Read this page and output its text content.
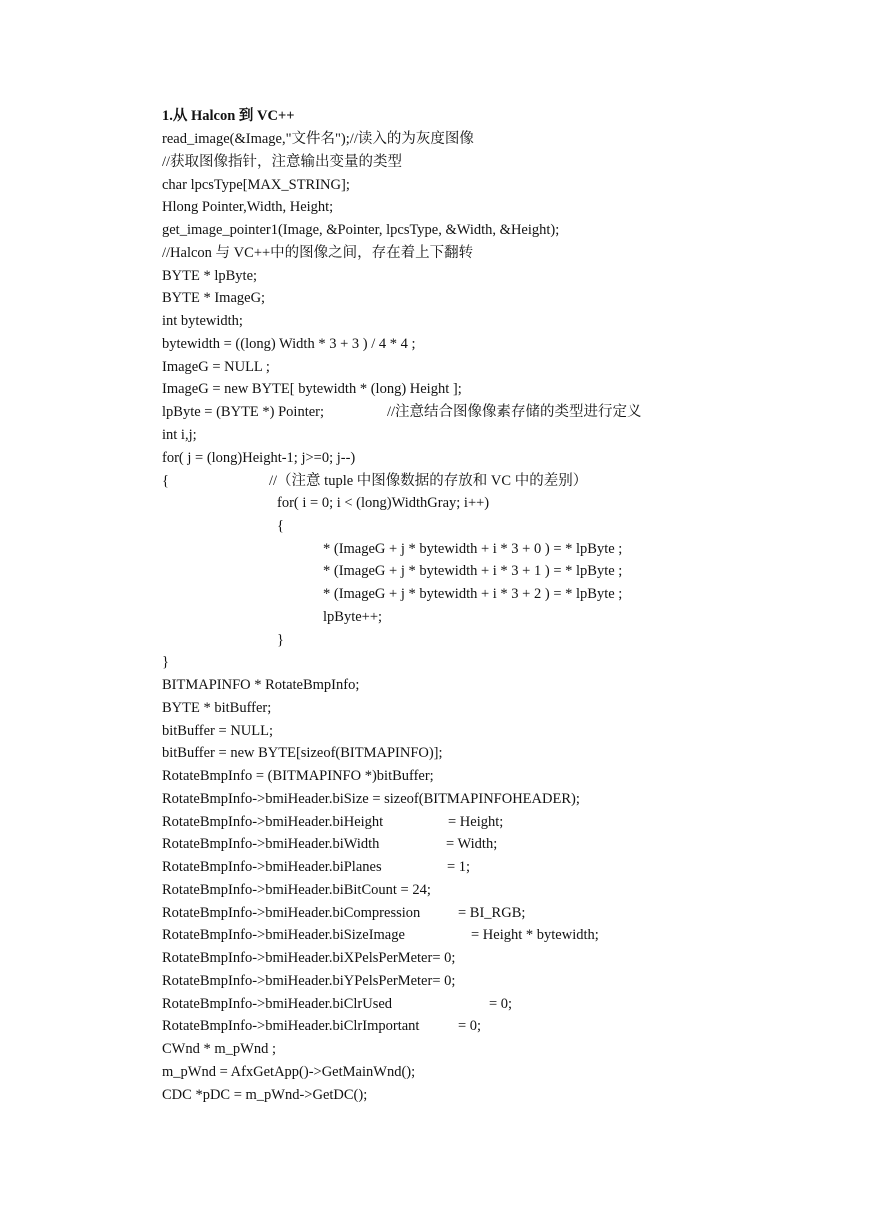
1.从 Halcon 到 VC++
read_image(&Image,"文件名");//读入的为灰度图像
//获取图像指针，注意输出变量的类型
char lpcsType[MAX_STRING];
Hlong Pointer,Width, Height;
get_image_pointer1(Image, &Pointer, lpcsType, &Width, &Height);
//Halcon 与 VC++中的图像之间，存在着上下翻转
BYTE * lpByte;
BYTE * ImageG;
int bytewidth;
bytewidth = ((long) Width * 3 + 3 ) / 4 * 4 ;
ImageG = NULL ;
ImageG = new BYTE[ bytewidth * (long) Height ];

lpByte = (BYTE *) Pointer;

	//注意结合图像像素存储的类型进行定义

int i,j;
for( j = (long)Height-1; j>=0; j--)

{

	//（注意 tuple 中图像数据的存放和 VC 中的差别）

for( i = 0; i < (long)WidthGray; i++)
{
* (ImageG + j * bytewidth + i * 3 + 0 ) = * lpByte ;
* (ImageG + j * bytewidth + i * 3 + 1 ) = * lpByte ;
* (ImageG + j * bytewidth + i * 3 + 2 ) = * lpByte ;
lpByte++;
}
}
BITMAPINFO * RotateBmpInfo;
BYTE * bitBuffer;
bitBuffer = NULL;
bitBuffer = new BYTE[sizeof(BITMAPINFO)];
RotateBmpInfo = (BITMAPINFO *)bitBuffer;
RotateBmpInfo->bmiHeader.biSize = sizeof(BITMAPINFOHEADER);

RotateBmpInfo->bmiHeader.biHeight

	= Height;

RotateBmpInfo->bmiHeader.biWidth

	= Width;

RotateBmpInfo->bmiHeader.biPlanes

	= 1;

RotateBmpInfo->bmiHeader.biBitCount = 24;

RotateBmpInfo->bmiHeader.biCompression

	= BI_RGB;

RotateBmpInfo->bmiHeader.biSizeImage

	= Height * bytewidth;

RotateBmpInfo->bmiHeader.biXPelsPerMeter= 0;
RotateBmpInfo->bmiHeader.biYPelsPerMeter= 0;

RotateBmpInfo->bmiHeader.biClrUsed

	= 0;

RotateBmpInfo->bmiHeader.biClrImportant

	= 0;

CWnd * m_pWnd ;
m_pWnd = AfxGetApp()->GetMainWnd();
CDC *pDC = m_pWnd->GetDC();
